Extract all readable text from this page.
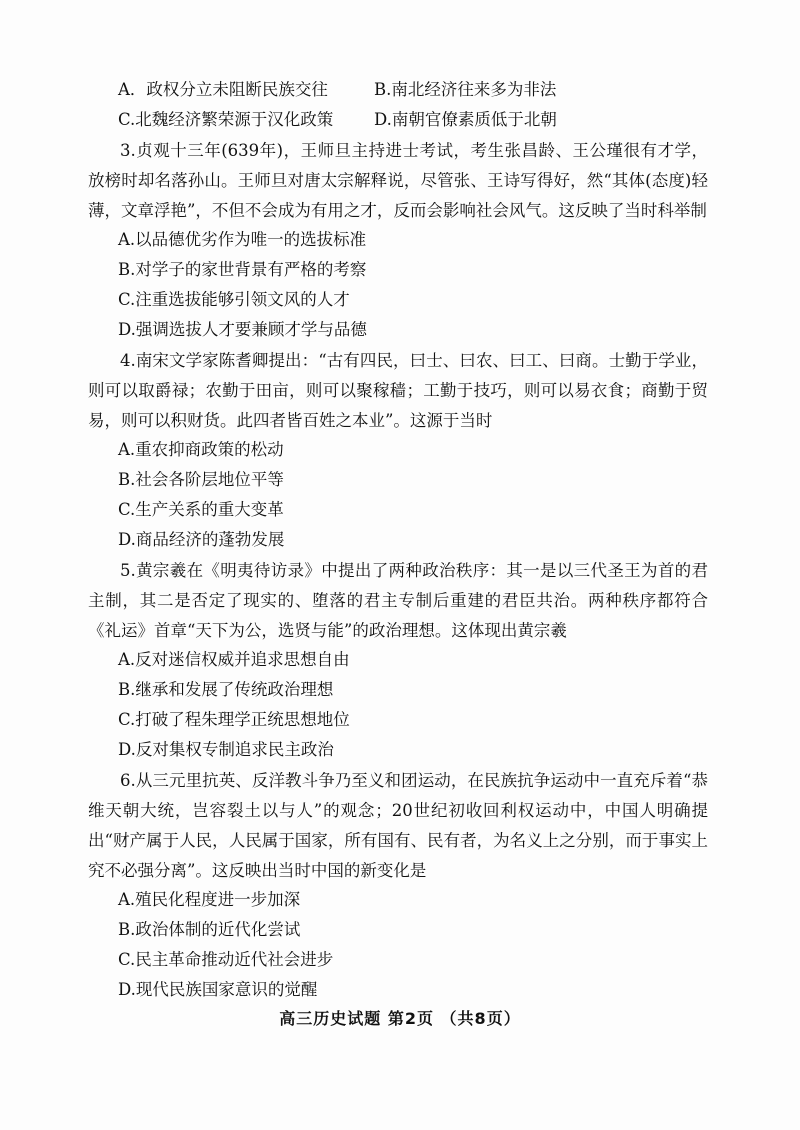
A．政权分立未阻断民族交往	B.南北经济往来多为非法
C.北魏经济繁荣源于汉化政策	D.南朝官僚素质低于北朝
3.贞观十三年(639年)，王师旦主持进士考试，考生张昌龄、王公瑾很有才学，放榜时却名落孙山。王师旦对唐太宗解释说，尽管张、王诗写得好，然“其体(态度)轻薄，文章浮艳”，不但不会成为有用之才，反而会影响社会风气。这反映了当时科举制
A.以品德优劣作为唯一的选拔标准
B.对学子的家世背景有严格的考察
C.注重选拔能够引领文风的人才
D.强调选拔人才要兼顾才学与品德
4.南宋文学家陈耆卿提出：“古有四民，曰士、曰农、曰工、曰商。士勤于学业，则可以取爵禄；农勤于田亩，则可以聚稼穑；工勤于技巧，则可以易衣食；商勤于贸易，则可以积财货。此四者皆百姓之本业”。这源于当时
A.重农抑商政策的松动
B.社会各阶层地位平等
C.生产关系的重大变革
D.商品经济的蓬勃发展
5.黄宗羲在《明夷待访录》中提出了两种政治秩序：其一是以三代圣王为首的君主制，其二是否定了现实的、堕落的君主专制后重建的君臣共治。两种秩序都符合《礼运》首章“天下为公，选贤与能”的政治理想。这体现出黄宗羲
A.反对迷信权威并追求思想自由
B.继承和发展了传统政治理想
C.打破了程朱理学正统思想地位
D.反对集权专制追求民主政治
6.从三元里抗英、反洋教斗争乃至义和团运动，在民族抗争运动中一直充斥着“恭维天朝大统，岂容裂土以与人”的观念；20世纪初收回利权运动中，中国人明确提出“财产属于人民，人民属于国家，所有国有、民有者，为名义上之分别，而于事实上究不必强分离”。这反映出当时中国的新变化是
A.殖民化程度进一步加深
B.政治体制的近代化尝试
C.民主革命推动近代社会进步
D.现代民族国家意识的觉醒
高三历史试题 第2页 （共8页）
